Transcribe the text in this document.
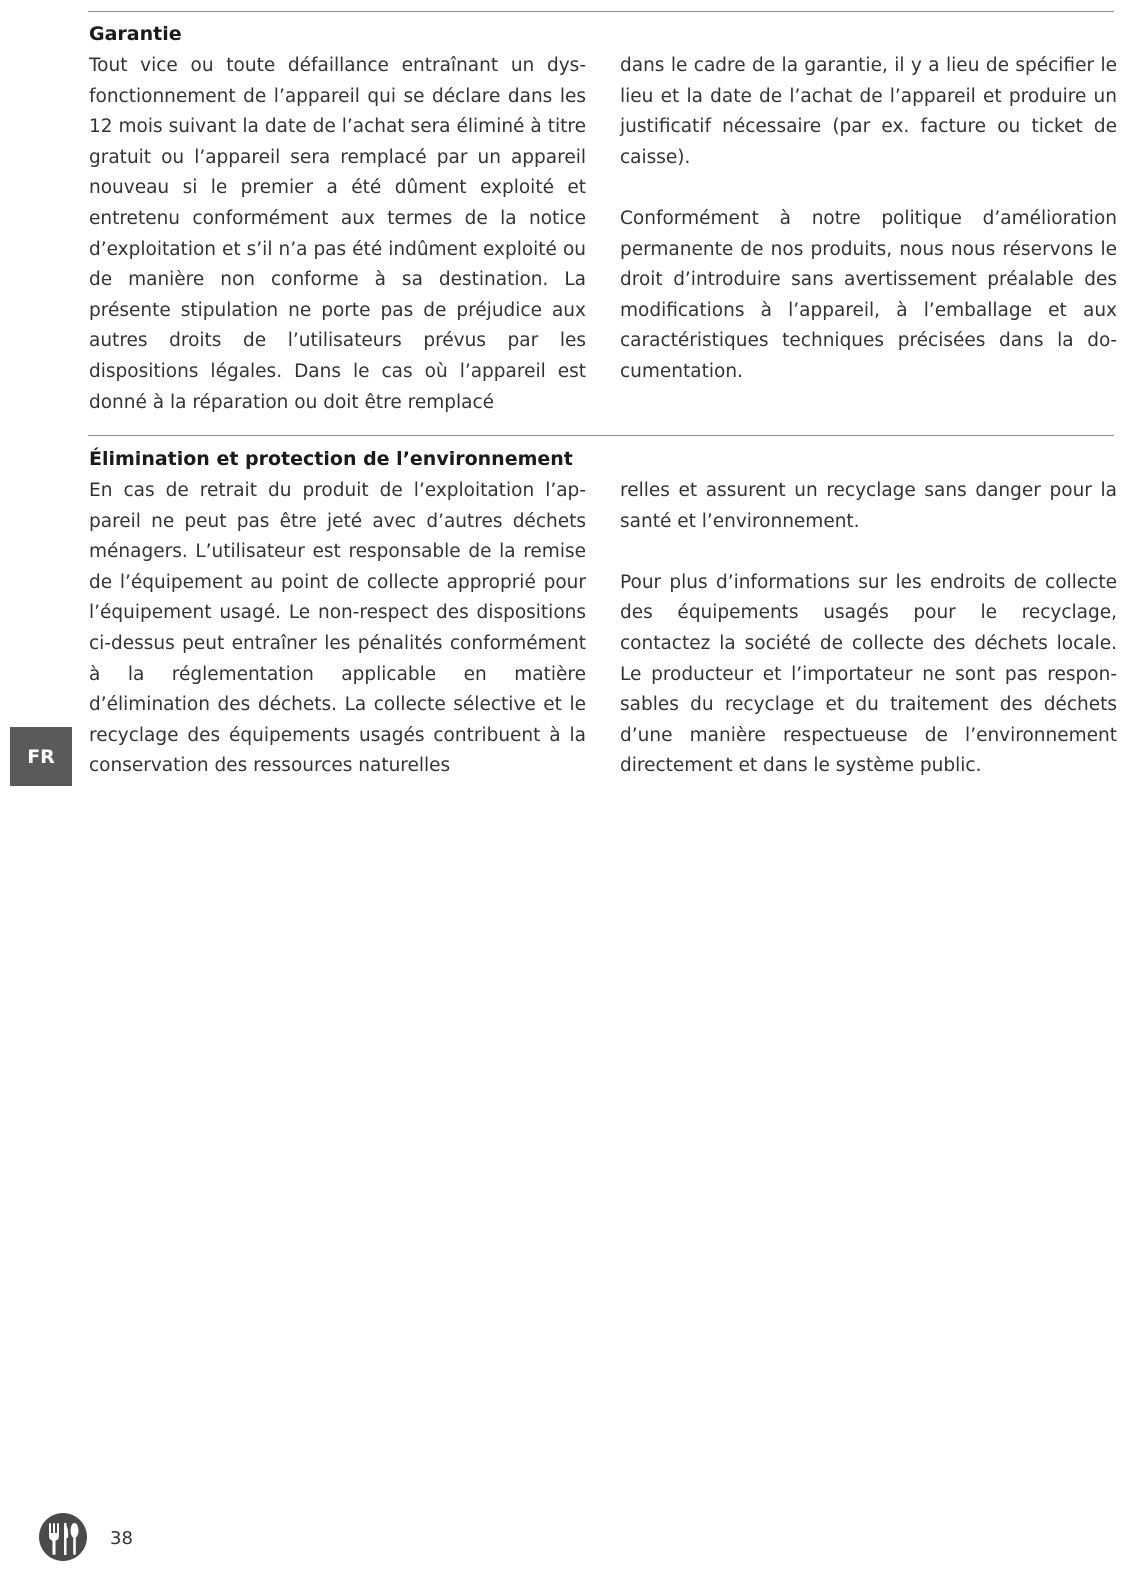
Garantie

Tout vice ou toute défaillance entraînant un dysfonctionnement de l’appareil qui se déclare dans les 12 mois suivant la date de l’achat sera éliminé à titre gratuit ou l’appareil sera remplacé par un appareil nouveau si le premier a été dûment exploité et entretenu conformément aux termes de la notice d’exploitation et s’il n’a pas été indûment exploité ou de manière non conforme à sa destination. La présente stipulation ne porte pas de préjudice aux autres droits de l’utilisateurs prévus par les dispositions légales. Dans le cas où l’appareil est donné à la réparation ou doit être remplacé

dans le cadre de la garantie, il y a lieu de spécifier le lieu et la date de l’achat de l’appareil et produire un justificatif nécessaire (par ex. facture ou ticket de caisse).

Conformément à notre politique d’amélioration permanente de nos produits, nous nous réservons le droit d’introduire sans avertissement préalable des modifications à l’appareil, à l’emballage et aux caractéristiques techniques précisées dans la documentation.

Élimination et protection de l’environnement

En cas de retrait du produit de l’exploitation l’appareil ne peut pas être jeté avec d’autres déchets ménagers. L’utilisateur est responsable de la remise de l’équipement au point de collecte approprié pour l’équipement usagé. Le non-respect des dispositions ci-dessus peut entraîner les pénalités conformément à la réglementation applicable en matière d’élimination des déchets. La collecte sélective et le recyclage des équipements usagés contribuent à la conservation des ressources naturelles

relles et assurent un recyclage sans danger pour la santé et l’environnement.

Pour plus d’informations sur les endroits de collecte des équipements usagés pour le recyclage, contactez la société de collecte des déchets locale. Le producteur et l’importateur ne sont pas responsables du recyclage et du traitement des déchets d’une manière respectueuse de l’environnement directement et dans le système public.

FR
38
